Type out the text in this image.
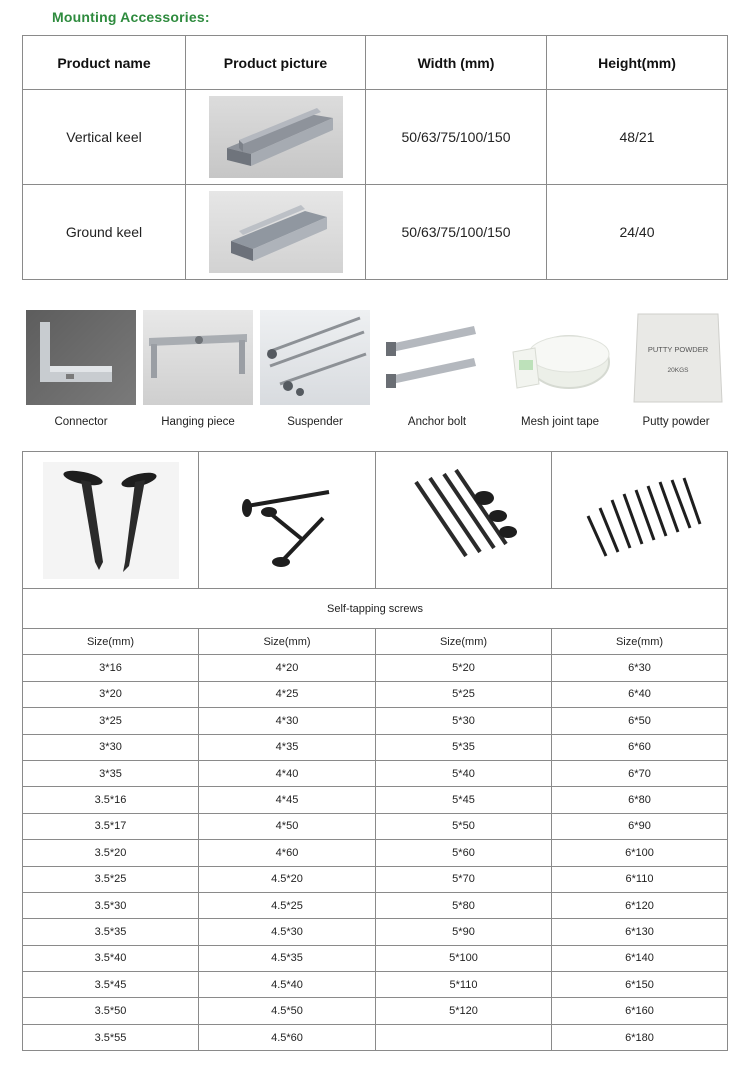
Mounting Accessories:
Product name	Product picture	Width (mm)	Height(mm)
Vertical keel		50/63/75/100/150	48/21
Ground keel		50/63/75/100/150	24/40
PUTTY POWDER
20KGS
Connector	Hanging piece	Suspender	Anchor bolt	Mesh joint tape	Putty powder

Self-tapping screws			
Size(mm)	Size(mm)	Size(mm)	Size(mm)
3*16	4*20	5*20	6*30
3*20	4*25	5*25	6*40
3*25	4*30	5*30	6*50
3*30	4*35	5*35	6*60
3*35	4*40	5*40	6*70
3.5*16	4*45	5*45	6*80
3.5*17	4*50	5*50	6*90
3.5*20	4*60	5*60	6*100
3.5*25	4.5*20	5*70	6*110
3.5*30	4.5*25	5*80	6*120
3.5*35	4.5*30	5*90	6*130
3.5*40	4.5*35	5*100	6*140
3.5*45	4.5*40	5*110	6*150
3.5*50	4.5*50	5*120	6*160
3.5*55	4.5*60		6*180
